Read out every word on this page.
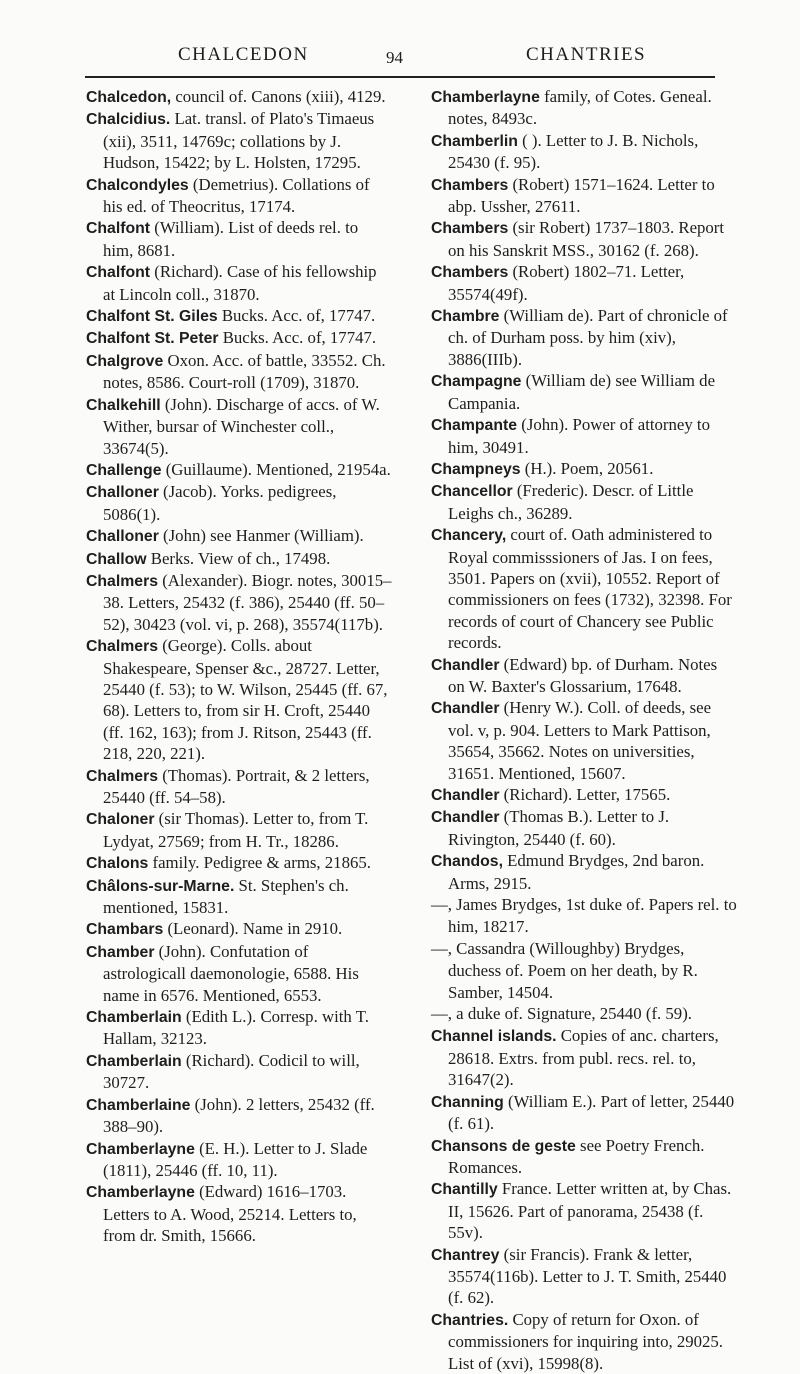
CHALCEDON	94	CHANTRIES

Chalcedon, council of. Canons (xiii), 4129.

Chalcidius. Lat. transl. of Plato's Timaeus (xii), 3511, 14769c; collations by J. Hudson, 15422; by L. Holsten, 17295.

Chalcondyles (Demetrius). Collations of his ed. of Theocritus, 17174.

Chalfont (William). List of deeds rel. to him, 8681.

Chalfont (Richard). Case of his fellowship at Lincoln coll., 31870.

Chalfont St. Giles Bucks. Acc. of, 17747.

Chalfont St. Peter Bucks. Acc. of, 17747.

Chalgrove Oxon. Acc. of battle, 33552. Ch. notes, 8586. Court-roll (1709), 31870.

Chalkehill (John). Discharge of accs. of W. Wither, bursar of Winchester coll., 33674(5).

Challenge (Guillaume). Mentioned, 21954a.

Challoner (Jacob). Yorks. pedigrees, 5086(1).

Challoner (John) see Hanmer (William).

Challow Berks. View of ch., 17498.

Chalmers (Alexander). Biogr. notes, 30015–38. Letters, 25432 (f. 386), 25440 (ff. 50–52), 30423 (vol. vi, p. 268), 35574(117b).

Chalmers (George). Colls. about Shakespeare, Spenser &c., 28727. Letter, 25440 (f. 53); to W. Wilson, 25445 (ff. 67, 68). Letters to, from sir H. Croft, 25440 (ff. 162, 163); from J. Ritson, 25443 (ff. 218, 220, 221).

Chalmers (Thomas). Portrait, & 2 letters, 25440 (ff. 54–58).

Chaloner (sir Thomas). Letter to, from T. Lydyat, 27569; from H. Tr., 18286.

Chalons family. Pedigree & arms, 21865.

Châlons-sur-Marne. St. Stephen's ch. mentioned, 15831.

Chambars (Leonard). Name in 2910.

Chamber (John). Confutation of astrologicall daemonologie, 6588. His name in 6576. Mentioned, 6553.

Chamberlain (Edith L.). Corresp. with T. Hallam, 32123.

Chamberlain (Richard). Codicil to will, 30727.

Chamberlaine (John). 2 letters, 25432 (ff. 388–90).

Chamberlayne (E. H.). Letter to J. Slade (1811), 25446 (ff. 10, 11).

Chamberlayne (Edward) 1616–1703. Letters to A. Wood, 25214. Letters to, from dr. Smith, 15666.

Chamberlayne family, of Cotes. Geneal. notes, 8493c.

Chamberlin ( ). Letter to J. B. Nichols, 25430 (f. 95).

Chambers (Robert) 1571–1624. Letter to abp. Ussher, 27611.

Chambers (sir Robert) 1737–1803. Report on his Sanskrit MSS., 30162 (f. 268).

Chambers (Robert) 1802–71. Letter, 35574(49f).

Chambre (William de). Part of chronicle of ch. of Durham poss. by him (xiv), 3886(IIIb).

Champagne (William de) see William de Campania.

Champante (John). Power of attorney to him, 30491.

Champneys (H.). Poem, 20561.

Chancellor (Frederic). Descr. of Little Leighs ch., 36289.

Chancery, court of. Oath administered to Royal commisssioners of Jas. I on fees, 3501. Papers on (xvii), 10552. Report of commissioners on fees (1732), 32398. For records of court of Chancery see Public records.

Chandler (Edward) bp. of Durham. Notes on W. Baxter's Glossarium, 17648.

Chandler (Henry W.). Coll. of deeds, see vol. v, p. 904. Letters to Mark Pattison, 35654, 35662. Notes on universities, 31651. Mentioned, 15607.

Chandler (Richard). Letter, 17565.

Chandler (Thomas B.). Letter to J. Rivington, 25440 (f. 60).

Chandos, Edmund Brydges, 2nd baron. Arms, 2915.

—, James Brydges, 1st duke of. Papers rel. to him, 18217.

—, Cassandra (Willoughby) Brydges, duchess of. Poem on her death, by R. Samber, 14504.

—, a duke of. Signature, 25440 (f. 59).

Channel islands. Copies of anc. charters, 28618. Extrs. from publ. recs. rel. to, 31647(2).

Channing (William E.). Part of letter, 25440 (f. 61).

Chansons de geste see Poetry French. Romances.

Chantilly France. Letter written at, by Chas. II, 15626. Part of panorama, 25438 (f. 55v).

Chantrey (sir Francis). Frank & letter, 35574(116b). Letter to J. T. Smith, 25440 (f. 62).

Chantries. Copy of return for Oxon. of commissioners for inquiring into, 29025. List of (xvi), 15998(8).
